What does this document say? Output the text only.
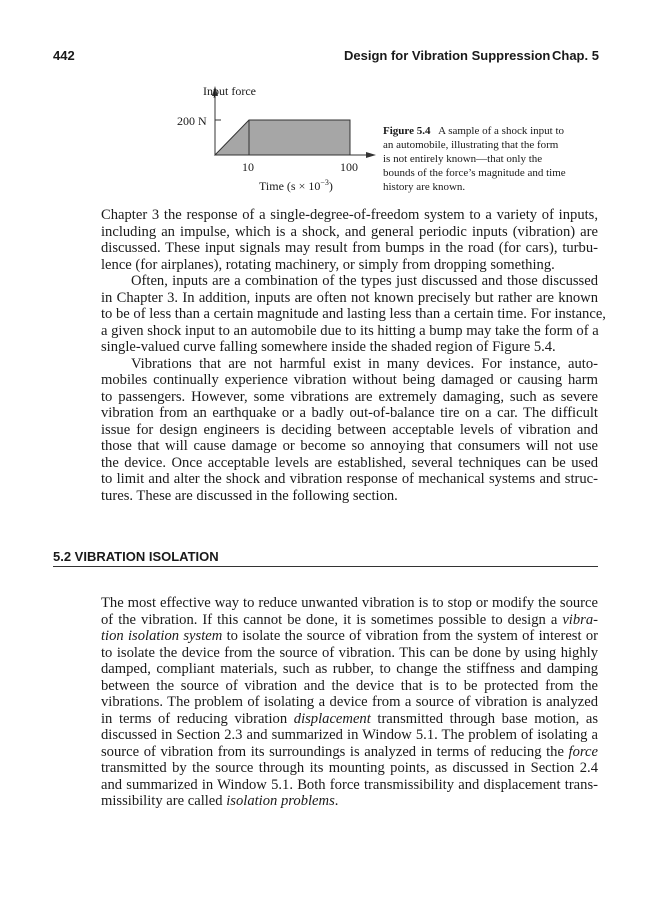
442	Design for Vibration Suppression Chap. 5
Input force
200 N
10	100
Time $(s \times 10^{-3})$
Figure 5.4 A sample of a shock input to
an automobile, illustrating that the form
is not entirely known—that only the
bounds of the force’s magnitude and time
history are known.
Chapter 3 the response of a single-degree-of-freedom system to a variety of inputs,
including an impulse, which is a shock, and general periodic inputs (vibration) are
discussed. These input signals may result from bumps in the road (for cars), turbu-
lence (for airplanes), rotating machinery, or simply from dropping something.
Often, inputs are a combination of the types just discussed and those discussed
in Chapter 3. In addition, inputs are often not known precisely but rather are known
to be of less than a certain magnitude and lasting less than a certain time. For instance,
a given shock input to an automobile due to its hitting a bump may take the form of a
single-valued curve falling somewhere inside the shaded region of Figure 5.4.
Vibrations that are not harmful exist in many devices. For instance, auto-
mobiles continually experience vibration without being damaged or causing harm
to passengers. However, some vibrations are extremely damaging, such as severe
vibration from an earthquake or a badly out-of-balance tire on a car. The difficult
issue for design engineers is deciding between acceptable levels of vibration and
those that will cause damage or become so annoying that consumers will not use
the device. Once acceptable levels are established, several techniques can be used
to limit and alter the shock and vibration response of mechanical systems and struc-
tures. These are discussed in the following section.
5.2 VIBRATION ISOLATION
The most effective way to reduce unwanted vibration is to stop or modify the source
of the vibration. If this cannot be done, it is sometimes possible to design a vibra-
tion isolation system to isolate the source of vibration from the system of interest or
to isolate the device from the source of vibration. This can be done by using highly
damped, compliant materials, such as rubber, to change the stiffness and damping
between the source of vibration and the device that is to be protected from the
vibrations. The problem of isolating a device from a source of vibration is analyzed
in terms of reducing vibration displacement transmitted through base motion, as
discussed in Section 2.3 and summarized in Window 5.1. The problem of isolating a
source of vibration from its surroundings is analyzed in terms of reducing the force
transmitted by the source through its mounting points, as discussed in Section 2.4
and summarized in Window 5.1. Both force transmissibility and displacement trans-
missibility are called isolation problems.
